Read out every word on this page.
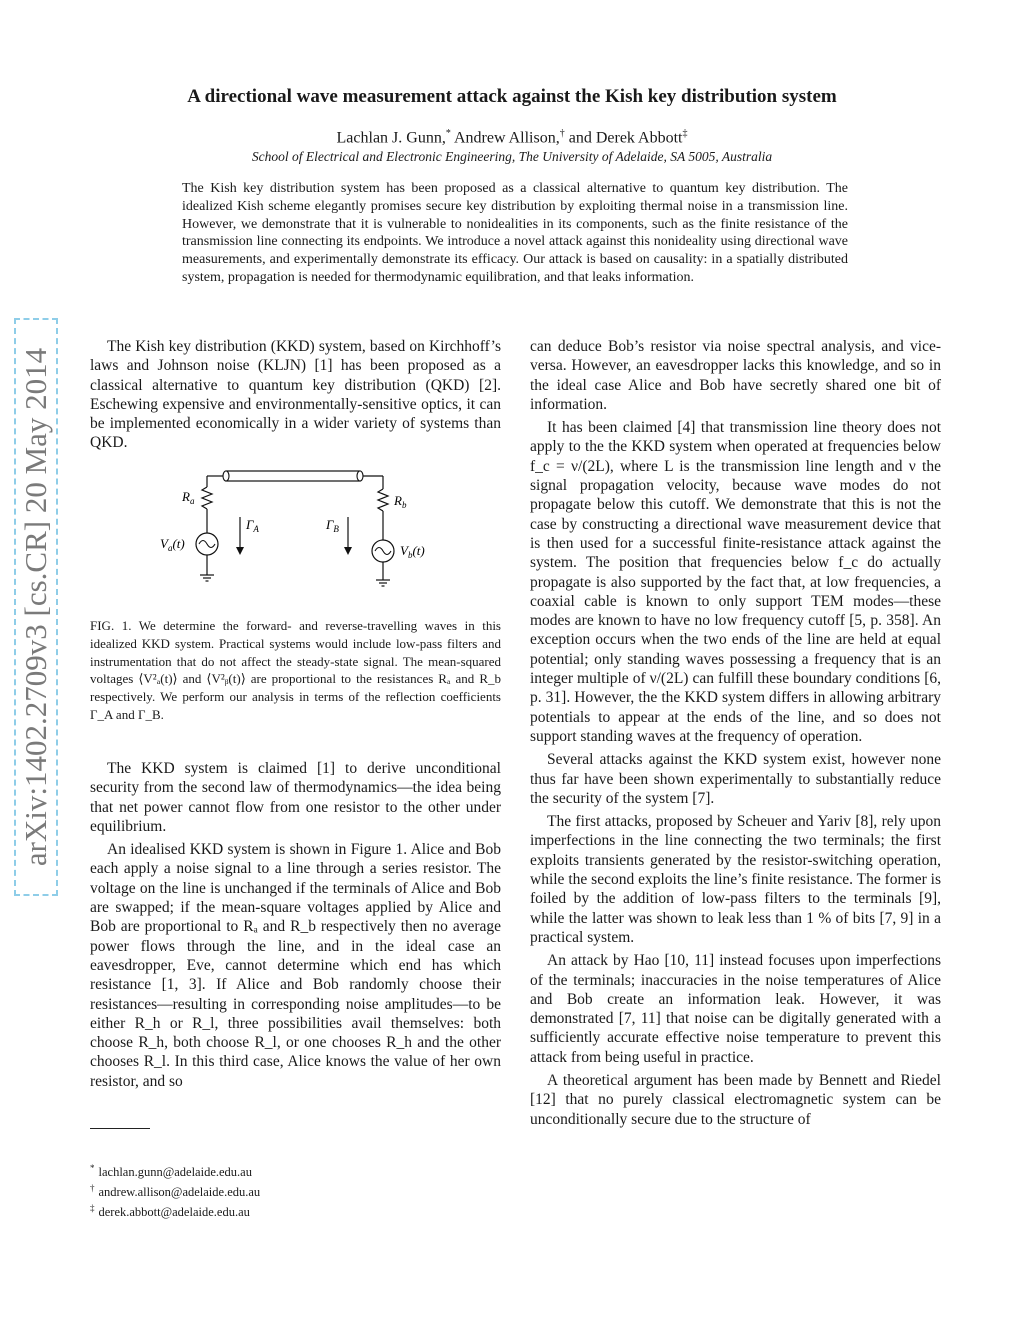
A directional wave measurement attack against the Kish key distribution system
Lachlan J. Gunn,* Andrew Allison,† and Derek Abbott‡
School of Electrical and Electronic Engineering, The University of Adelaide, SA 5005, Australia
The Kish key distribution system has been proposed as a classical alternative to quantum key distribution. The idealized Kish scheme elegantly promises secure key distribution by exploiting thermal noise in a transmission line. However, we demonstrate that it is vulnerable to nonidealities in its components, such as the finite resistance of the transmission line connecting its endpoints. We introduce a novel attack against this nonideality using directional wave measurements, and experimentally demonstrate its efficacy. Our attack is based on causality: in a spatially distributed system, propagation is needed for thermodynamic equilibration, and that leaks information.
arXiv:1402.2709v3 [cs.CR] 20 May 2014

The Kish key distribution (KKD) system, based on Kirchhoff’s laws and Johnson noise (KLJN) [1] has been proposed as a classical alternative to quantum key distribution (QKD) [2]. Eschewing expensive and environmentally-sensitive optics, it can be implemented economically in a wider variety of systems than QKD.

$R_a$	$R_b$
$V_a(t)$	$V_b(t)$
$\Gamma_A$	$\Gamma_B$
FIG. 1. We determine the forward- and reverse-travelling waves in this idealized KKD system. Practical systems would include low-pass filters and instrumentation that do not affect the steady-state signal. The mean-squared voltages ⟨V²ₐ(t)⟩ and ⟨V²ᵦ(t)⟩ are proportional to the resistances Rₐ and R_b respectively. We perform our analysis in terms of the reflection coefficients Γ_A and Γ_B.

The KKD system is claimed [1] to derive unconditional security from the second law of thermodynamics—the idea being that net power cannot flow from one resistor to the other under equilibrium.

An idealised KKD system is shown in Figure 1. Alice and Bob each apply a noise signal to a line through a series resistor. The voltage on the line is unchanged if the terminals of Alice and Bob are swapped; if the mean-square voltages applied by Alice and Bob are proportional to Rₐ and R_b respectively then no average power flows through the line, and in the ideal case an eavesdropper, Eve, cannot determine which end has which resistance [1, 3]. If Alice and Bob randomly choose their resistances—resulting in corresponding noise amplitudes—to be either R_h or R_l, three possibilities avail themselves: both choose R_h, both choose R_l, or one chooses R_h and the other chooses R_l. In this third case, Alice knows the value of her own resistor, and so

can deduce Bob’s resistor via noise spectral analysis, and vice-versa. However, an eavesdropper lacks this knowledge, and so in the ideal case Alice and Bob have secretly shared one bit of information.

It has been claimed [4] that transmission line theory does not apply to the the KKD system when operated at frequencies below f_c = ν/(2L), where L is the transmission line length and ν the signal propagation velocity, because wave modes do not propagate below this cutoff. We demonstrate that this is not the case by constructing a directional wave measurement device that is then used for a successful finite-resistance attack against the system. The position that frequencies below f_c do actually propagate is also supported by the fact that, at low frequencies, a coaxial cable is known to only support TEM modes—these modes are known to have no low frequency cutoff [5, p. 358]. An exception occurs when the two ends of the line are held at equal potential; only standing waves possessing a frequency that is an integer multiple of ν/(2L) can fulfill these boundary conditions [6, p. 31]. However, the the KKD system differs in allowing arbitrary potentials to appear at the ends of the line, and so does not support standing waves at the frequency of operation.

Several attacks against the KKD system exist, however none thus far have been shown experimentally to substantially reduce the security of the system [7].

The first attacks, proposed by Scheuer and Yariv [8], rely upon imperfections in the line connecting the two terminals; the first exploits transients generated by the resistor-switching operation, while the second exploits the line’s finite resistance. The former is foiled by the addition of low-pass filters to the terminals [9], while the latter was shown to leak less than 1 % of bits [7, 9] in a practical system.

An attack by Hao [10, 11] instead focuses upon imperfections of the terminals; inaccuracies in the noise temperatures of Alice and Bob create an information leak. However, it was demonstrated [7, 11] that noise can be digitally generated with a sufficiently accurate effective noise temperature to prevent this attack from being useful in practice.

A theoretical argument has been made by Bennett and Riedel [12] that no purely classical electromagnetic system can be unconditionally secure due to the structure of

* lachlan.gunn@adelaide.edu.au
† andrew.allison@adelaide.edu.au
‡ derek.abbott@adelaide.edu.au
